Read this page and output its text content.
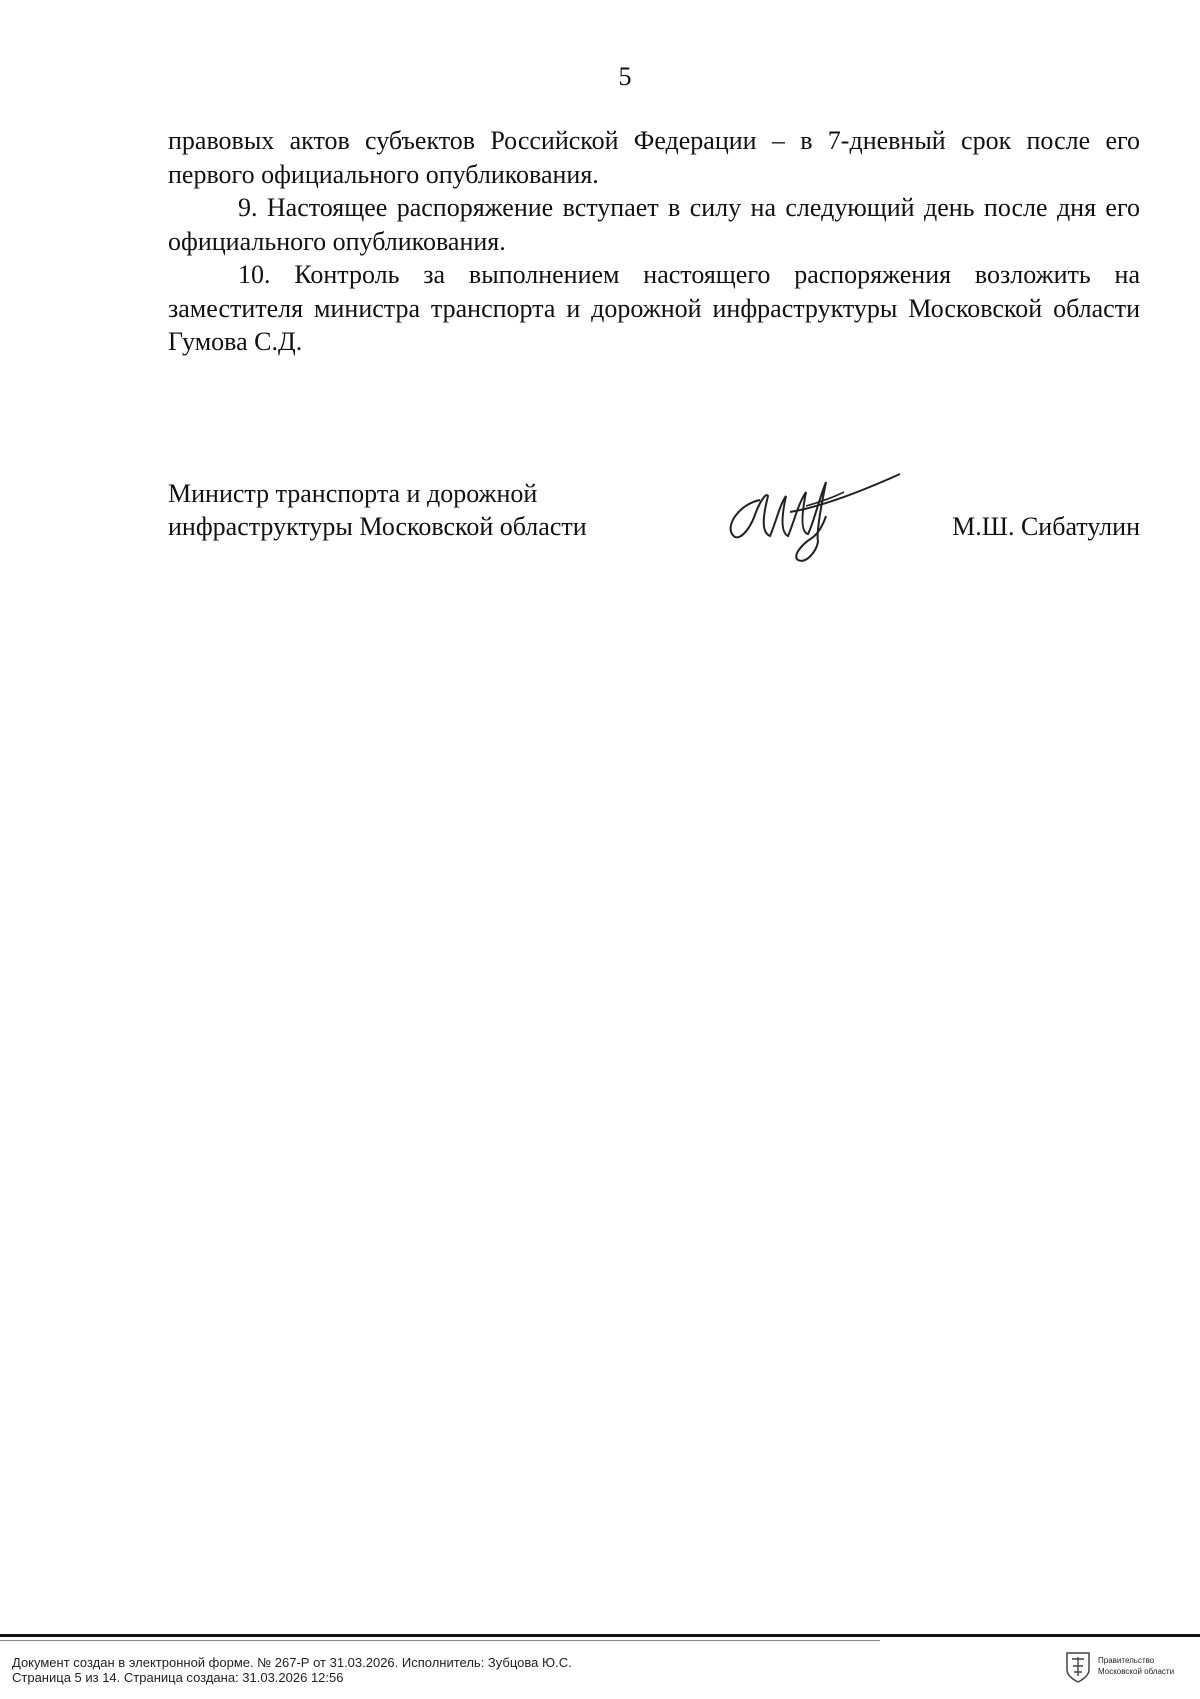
5

правовых актов субъектов Российской Федерации – в 7-дневный срок после его первого официального опубликования.

9. Настоящее распоряжение вступает в силу на следующий день после дня его официального опубликования.

10. Контроль за выполнением настоящего распоряжения возложить на заместителя министра транспорта и дорожной инфраструктуры Московской области Гумова С.Д.

Министр транспорта и дорожной
инфраструктуры Московской области	М.Ш. Сибатулин
Документ создан в электронной форме. № 267-Р от 31.03.2026. Исполнитель: Зубцова Ю.С.
Страница 5 из 14. Страница создана: 31.03.2026 12:56
Правительство
Московской области
